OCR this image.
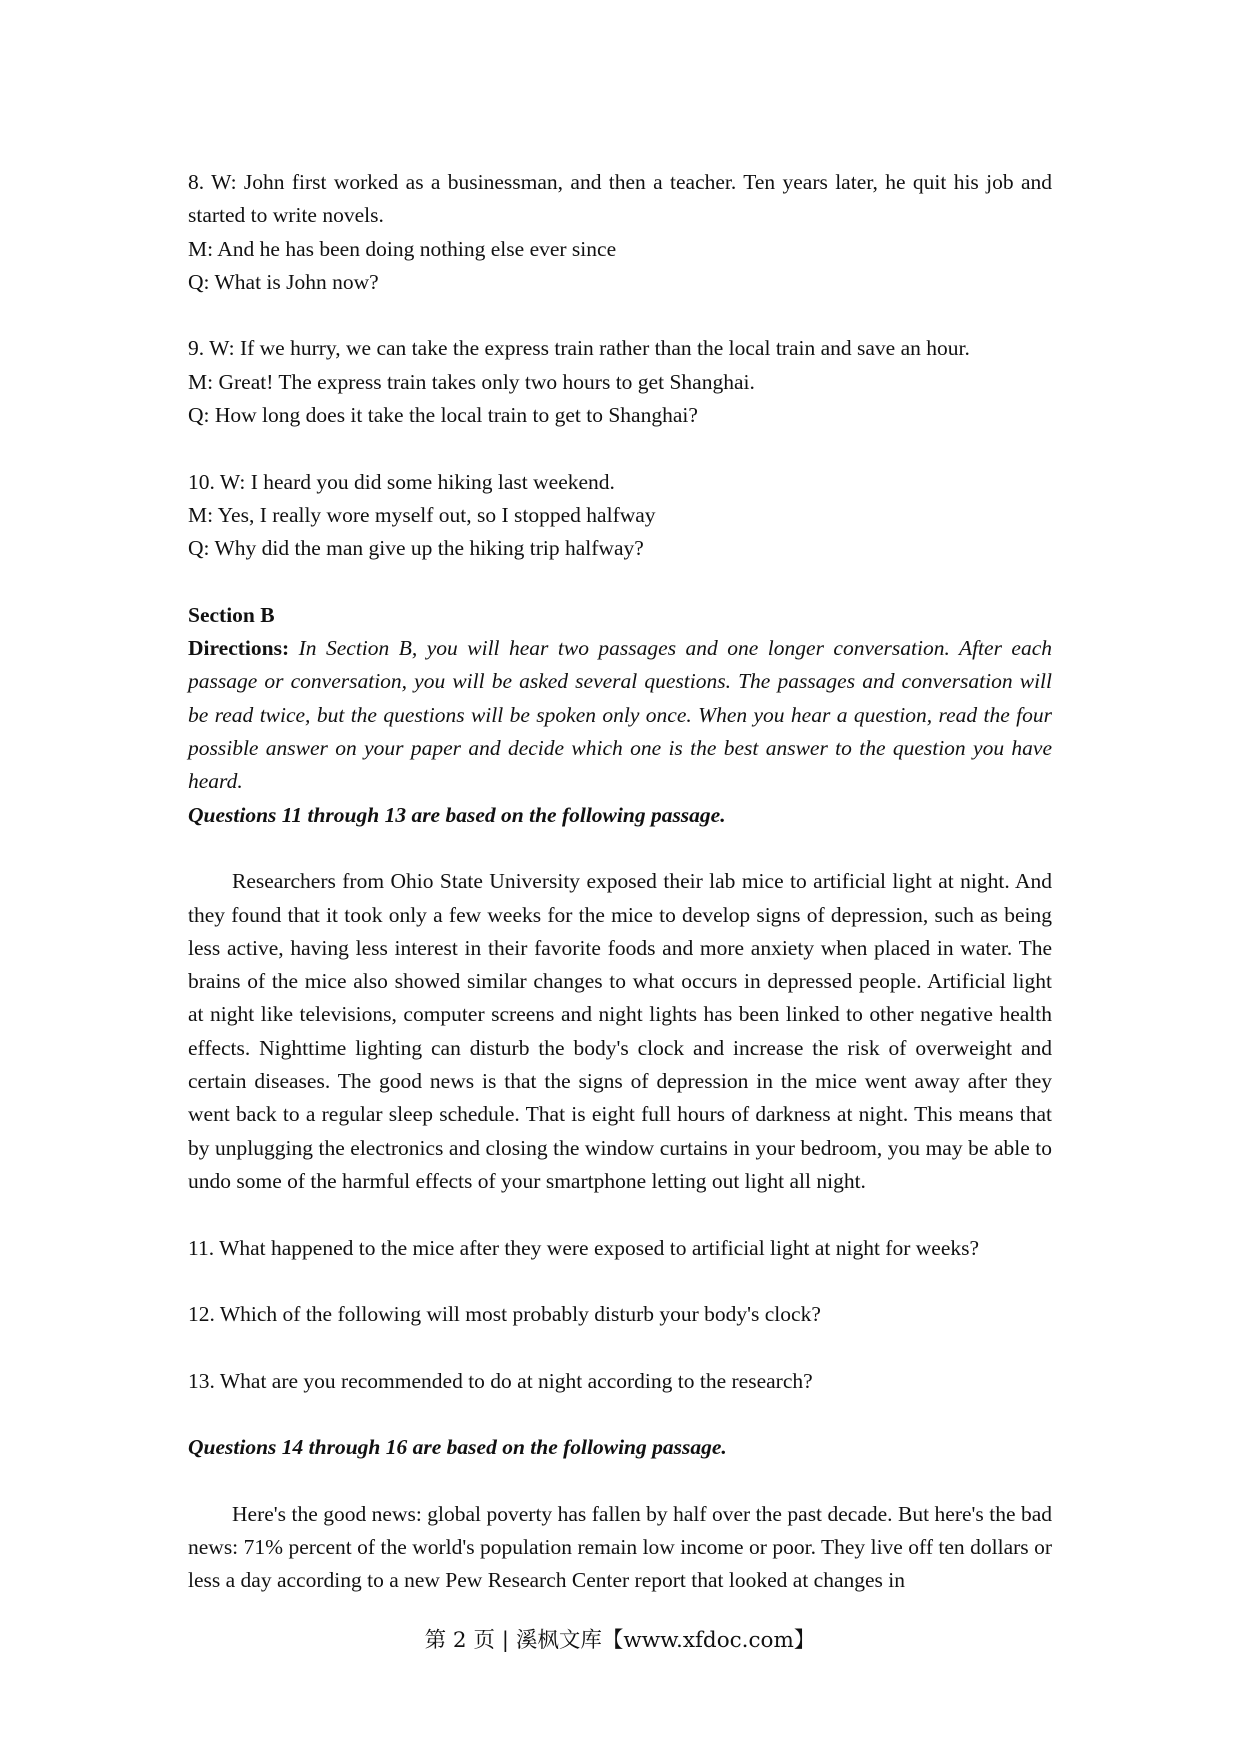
8. W: John first worked as a businessman, and then a teacher. Ten years later, he quit his job and started to write novels.

M: And he has been doing nothing else ever since

Q: What is John now?

9. W: If we hurry, we can take the express train rather than the local train and save an hour.

M: Great! The express train takes only two hours to get Shanghai.

Q: How long does it take the local train to get to Shanghai?

10. W: I heard you did some hiking last weekend.

M: Yes, I really wore myself out, so I stopped halfway

Q: Why did the man give up the hiking trip halfway?

Section B

Directions: In Section B, you will hear two passages and one longer conversation. After each passage or conversation, you will be asked several questions. The passages and conversation will be read twice, but the questions will be spoken only once. When you hear a question, read the four possible answer on your paper and decide which one is the best answer to the question you have heard.

Questions 11 through 13 are based on the following passage.

Researchers from Ohio State University exposed their lab mice to artificial light at night. And they found that it took only a few weeks for the mice to develop signs of depression, such as being less active, having less interest in their favorite foods and more anxiety when placed in water. The brains of the mice also showed similar changes to what occurs in depressed people. Artificial light at night like televisions, computer screens and night lights has been linked to other negative health effects. Nighttime lighting can disturb the body's clock and increase the risk of overweight and certain diseases. The good news is that the signs of depression in the mice went away after they went back to a regular sleep schedule. That is eight full hours of darkness at night. This means that by unplugging the electronics and closing the window curtains in your bedroom, you may be able to undo some of the harmful effects of your smartphone letting out light all night.

11. What happened to the mice after they were exposed to artificial light at night for weeks?

12. Which of the following will most probably disturb your body's clock?

13. What are you recommended to do at night according to the research?

Questions 14 through 16 are based on the following passage.

Here's the good news: global poverty has fallen by half over the past decade. But here's the bad news: 71% percent of the world's population remain low income or poor. They live off ten dollars or less a day according to a new Pew Research Center report that looked at changes in

第 2 页 | 溪枫文库【www.xfdoc.com】
